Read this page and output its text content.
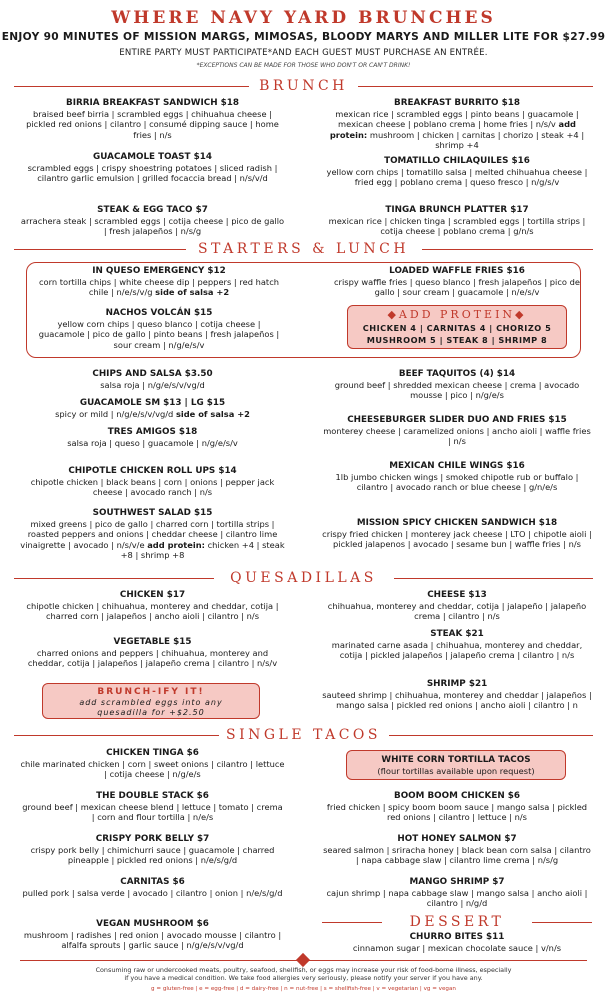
WHERE NAVY YARD BRUNCHES
ENJOY 90 MINUTES OF MISSION MARGS, MIMOSAS, BLOODY MARYS AND MILLER LITE FOR $27.99
ENTIRE PARTY MUST PARTICIPATE*AND EACH GUEST MUST PURCHASE AN ENTRÉE.
*EXCEPTIONS CAN BE MADE FOR THOSE WHO DON'T OR CAN'T DRINK!
BRUNCH
BIRRIA BREAKFAST SANDWICH $18
braised beef birria | scrambled eggs | chihuahua cheese | pickled red onions | cilantro | consumé dipping sauce | home fries | n/s
GUACAMOLE TOAST $14
scrambled eggs | crispy shoestring potatoes | sliced radish | cilantro garlic emulsion | grilled focaccia bread | n/s/v/d
STEAK & EGG TACO $7
arrachera steak | scrambled eggs | cotija cheese | pico de gallo | fresh jalapeños | n/s/g
BREAKFAST BURRITO $18
mexican rice | scrambled eggs | pinto beans | guacamole | mexican cheese | poblano crema | home fries | n/s/v add protein: mushroom | chicken | carnitas | chorizo | steak +4 | shrimp +4
TOMATILLO CHILAQUILES $16
yellow corn chips | tomatillo salsa | melted chihuahua cheese | fried egg | poblano crema | queso fresco | n/g/s/v
TINGA BRUNCH PLATTER $17
mexican rice | chicken tinga | scrambled eggs | tortilla strips | cotija cheese | poblano crema | g/n/s
STARTERS & LUNCH
IN QUESO EMERGENCY $12
corn tortilla chips | white cheese dip | peppers | red hatch chile | n/e/s/v/g side of salsa +2
NACHOS VOLCÁN $15
yellow corn chips | queso blanco | cotija cheese | guacamole | pico de gallo | pinto beans | fresh jalapeños | sour cream | n/g/e/s/v
LOADED WAFFLE FRIES $16
crispy waffle fries | queso blanco | fresh jalapeños | pico de gallo | sour cream | guacamole | n/e/s/v
◆ADD PROTEIN◆
CHICKEN 4 | CARNITAS 4 | CHORIZO 5
MUSHROOM 5 | STEAK 8 | SHRIMP 8
CHIPS AND SALSA $3.50
salsa roja | n/g/e/s/v/vg/d
GUACAMOLE SM $13 | LG $15
spicy or mild | n/g/e/s/v/vg/d side of salsa +2
TRES AMIGOS $18
salsa roja | queso | guacamole | n/g/e/s/v
CHIPOTLE CHICKEN ROLL UPS $14
chipotle chicken | black beans | corn | onions | pepper jack cheese | avocado ranch | n/s
SOUTHWEST SALAD $15
mixed greens | pico de gallo | charred corn | tortilla strips | roasted peppers and onions | cheddar cheese | cilantro lime vinaigrette | avocado | n/s/v/e add protein: chicken +4 | steak +8 | shrimp +8
BEEF TAQUITOS (4) $14
ground beef | shredded mexican cheese | crema | avocado mousse | pico | n/g/e/s
CHEESEBURGER SLIDER DUO AND FRIES $15
monterey cheese | caramelized onions | ancho aioli | waffle fries | n/s
MEXICAN CHILE WINGS $16
1lb jumbo chicken wings | smoked chipotle rub or buffalo | cilantro | avocado ranch or blue cheese | g/n/e/s
MISSION SPICY CHICKEN SANDWICH $18
crispy fried chicken | monterey jack cheese | LTO | chipotle aioli | pickled jalapenos | avocado | sesame bun | waffle fries | n/s
QUESADILLAS
CHICKEN $17
chipotle chicken | chihuahua, monterey and cheddar, cotija | charred corn | jalapeños | ancho aioli | cilantro | n/s
VEGETABLE $15
charred onions and peppers | chihuahua, monterey and cheddar, cotija | jalapeños | jalapeño crema | cilantro | n/s/v
BRUNCH-IFY IT!
add scrambled eggs into any
quesadilla for +$2.50
CHEESE $13
chihuahua, monterey and cheddar, cotija | jalapeño | jalapeño crema | cilantro | n/s
STEAK $21
marinated carne asada | chihuahua, monterey and cheddar, cotija | pickled jalapeños | jalapeño crema | cilantro | n/s
SHRIMP $21
sauteed shrimp | chihuahua, monterey and cheddar | jalapeños | mango salsa | pickled red onions | ancho aioli | cilantro | n
SINGLE TACOS
CHICKEN TINGA $6
chile marinated chicken | corn | sweet onions | cilantro | lettuce | cotija cheese | n/g/e/s
THE DOUBLE STACK $6
ground beef | mexican cheese blend | lettuce | tomato | crema | corn and flour tortilla | n/e/s
CRISPY PORK BELLY $7
crispy pork belly | chimichurri sauce | guacamole | charred pineapple | pickled red onions | n/e/s/g/d
CARNITAS $6
pulled pork | salsa verde | avocado | cilantro | onion | n/e/s/g/d
VEGAN MUSHROOM $6
mushroom | radishes | red onion | avocado mousse | cilantro | alfalfa sprouts | garlic sauce | n/g/e/s/v/vg/d
WHITE CORN TORTILLA TACOS
(flour tortillas available upon request)
BOOM BOOM CHICKEN $6
fried chicken | spicy boom boom sauce | mango salsa | pickled red onions | cilantro | lettuce | n/s
HOT HONEY SALMON $7
seared salmon | sriracha honey | black bean corn salsa | cilantro | napa cabbage slaw | cilantro lime crema | n/s/g
MANGO SHRIMP $7
cajun shrimp | napa cabbage slaw | mango salsa | ancho aioli | cilantro | n/g/d
DESSERT
CHURRO BITES $11
cinnamon sugar | mexican chocolate sauce | v/n/s
Consuming raw or undercooked meats, poultry, seafood, shellfish, or eggs may increase your risk of food-borne illness, especially
if you have a medical condition. We take food allergies very seriously, please notify your server if you have any.
g = gluten-free | e = egg-free | d = dairy-free | n = nut-free | s = shellfish-free | v = vegetarian | vg = vegan
